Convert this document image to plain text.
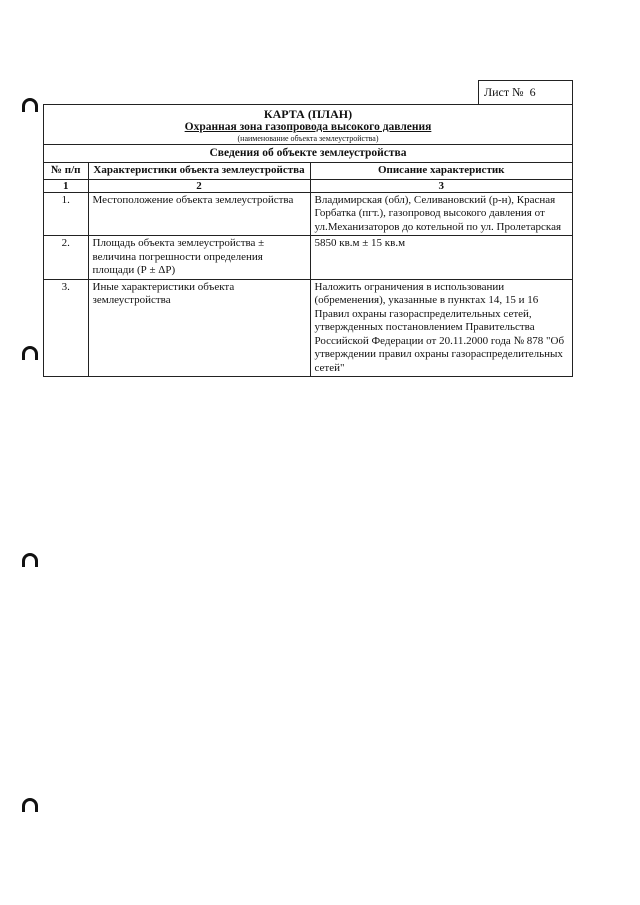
Лист № 6
КАРТА (ПЛАН)
Охранная зона газопровода высокого давления
(наименование объекта землеустройства)
Сведения об объекте землеустройства
№ п/п	Характеристики объекта землеустройства	Описание характеристик
1	2	3
1.	Местоположение объекта землеустройства	Владимирская (обл), Селивановский (р-н), Красная Горбатка (пгт.), газопровод высокого давления от ул.Механизаторов до котельной по ул. Пролетарская
2.	Площадь объекта землеустройства ± величина погрешности определения площади (Р ± ΔР)	5850 кв.м ± 15 кв.м
3.	Иные характеристики объекта землеустройства	Наложить ограничения в использовании (обременения), указанные в пунктах 14, 15 и 16 Правил охраны газораспределительных сетей, утвержденных постановлением Правительства Российской Федерации от 20.11.2000 года № 878 "Об утверждении правил охраны газораспределительных сетей"
